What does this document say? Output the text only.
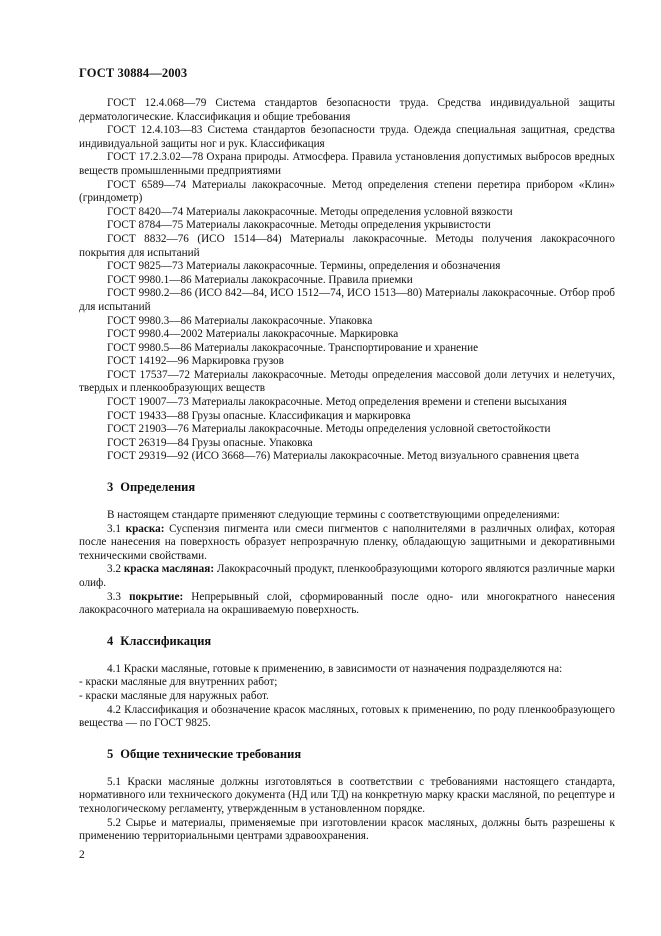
ГОСТ 30884—2003

ГОСТ 12.4.068—79 Система стандартов безопасности труда. Средства индивидуальной защиты дерматологические. Классификация и общие требования

ГОСТ 12.4.103—83 Система стандартов безопасности труда. Одежда специальная защитная, средства индивидуальной защиты ног и рук. Классификация

ГОСТ 17.2.3.02—78 Охрана природы. Атмосфера. Правила установления допустимых выбросов вредных веществ промышленными предприятиями

ГОСТ 6589—74 Материалы лакокрасочные. Метод определения степени перетира прибором «Клин» (гриндометр)

ГОСТ 8420—74 Материалы лакокрасочные. Методы определения условной вязкости

ГОСТ 8784—75 Материалы лакокрасочные. Методы определения укрывистости

ГОСТ 8832—76 (ИСО 1514—84) Материалы лакокрасочные. Методы получения лакокрасочного покрытия для испытаний

ГОСТ 9825—73 Материалы лакокрасочные. Термины, определения и обозначения

ГОСТ 9980.1—86 Материалы лакокрасочные. Правила приемки

ГОСТ 9980.2—86 (ИСО 842—84, ИСО 1512—74, ИСО 1513—80) Материалы лакокрасочные. Отбор проб для испытаний

ГОСТ 9980.3—86 Материалы лакокрасочные. Упаковка

ГОСТ 9980.4—2002 Материалы лакокрасочные. Маркировка

ГОСТ 9980.5—86 Материалы лакокрасочные. Транспортирование и хранение

ГОСТ 14192—96 Маркировка грузов

ГОСТ 17537—72 Материалы лакокрасочные. Методы определения массовой доли летучих и нелетучих, твердых и пленкообразующих веществ

ГОСТ 19007—73 Материалы лакокрасочные. Метод определения времени и степени высыхания

ГОСТ 19433—88 Грузы опасные. Классификация и маркировка

ГОСТ 21903—76 Материалы лакокрасочные. Методы определения условной светостойкости

ГОСТ 26319—84 Грузы опасные. Упаковка

ГОСТ 29319—92 (ИСО 3668—76) Материалы лакокрасочные. Метод визуального сравнения цвета

3 Определения

В настоящем стандарте применяют следующие термины с соответствующими определениями:

3.1 краска: Суспензия пигмента или смеси пигментов с наполнителями в различных олифах, которая после нанесения на поверхность образует непрозрачную пленку, обладающую защитными и декоративными техническими свойствами.

3.2 краска масляная: Лакокрасочный продукт, пленкообразующими которого являются различные марки олиф.

3.3 покрытие: Непрерывный слой, сформированный после одно- или многократного нанесения лакокрасочного материала на окрашиваемую поверхность.

4 Классификация

4.1 Краски масляные, готовые к применению, в зависимости от назначения подразделяются на:

- краски масляные для внутренних работ;

- краски масляные для наружных работ.

4.2 Классификация и обозначение красок масляных, готовых к применению, по роду пленкообразующего вещества — по ГОСТ 9825.

5 Общие технические требования

5.1 Краски масляные должны изготовляться в соответствии с требованиями настоящего стандарта, нормативного или технического документа (НД или ТД) на конкретную марку краски масляной, по рецептуре и технологическому регламенту, утвержденным в установленном порядке.

5.2 Сырье и материалы, применяемые при изготовлении красок масляных, должны быть разрешены к применению территориальными центрами здравоохранения.

2
